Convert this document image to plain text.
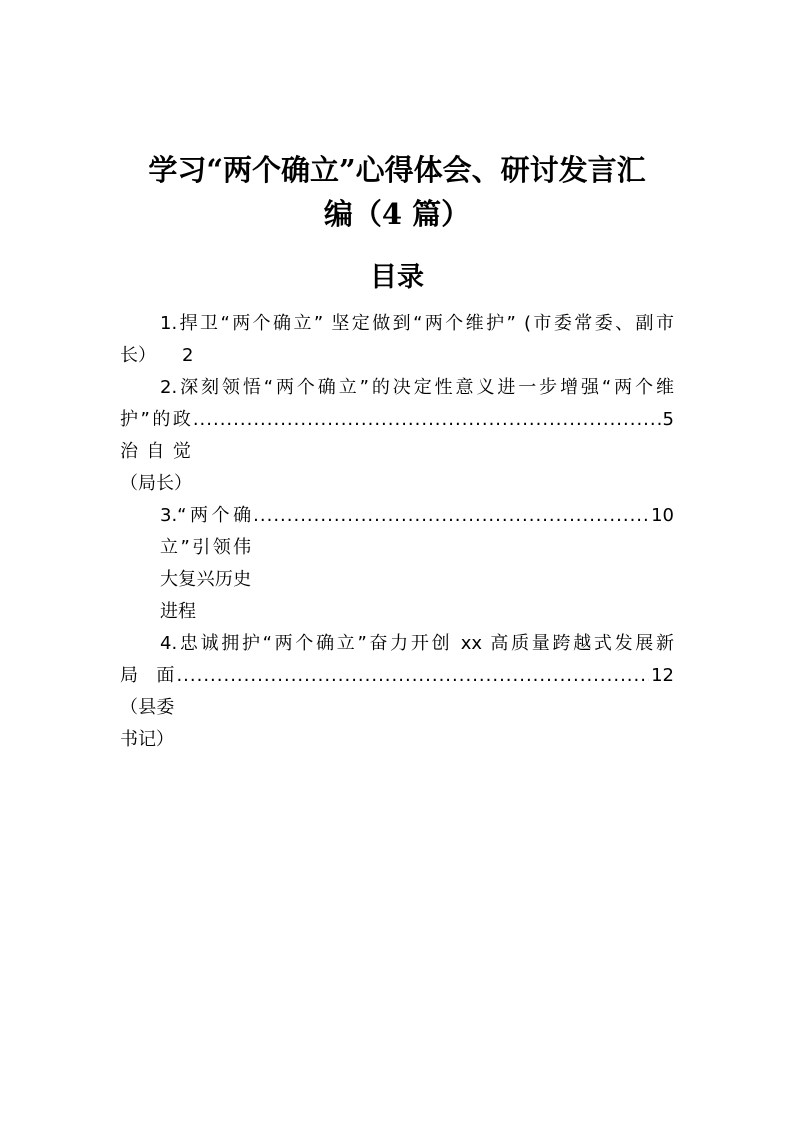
学习“两个确立”心得体会、研讨发言汇
编（4 篇）
目录
1.捍卫“两个确立” 坚定做到“两个维护” (市委常委、副市
长） 2
2.深刻领悟“两个确立”的决定性意义进一步增强“两个维
护”的政治自觉（局长）
.....
5
3.“两个确立”引领伟大复兴历史进程
.....
10
4.忠诚拥护“两个确立”奋力开创 xx 高质量跨越式发展新
局面（县委书记）
.....
12
